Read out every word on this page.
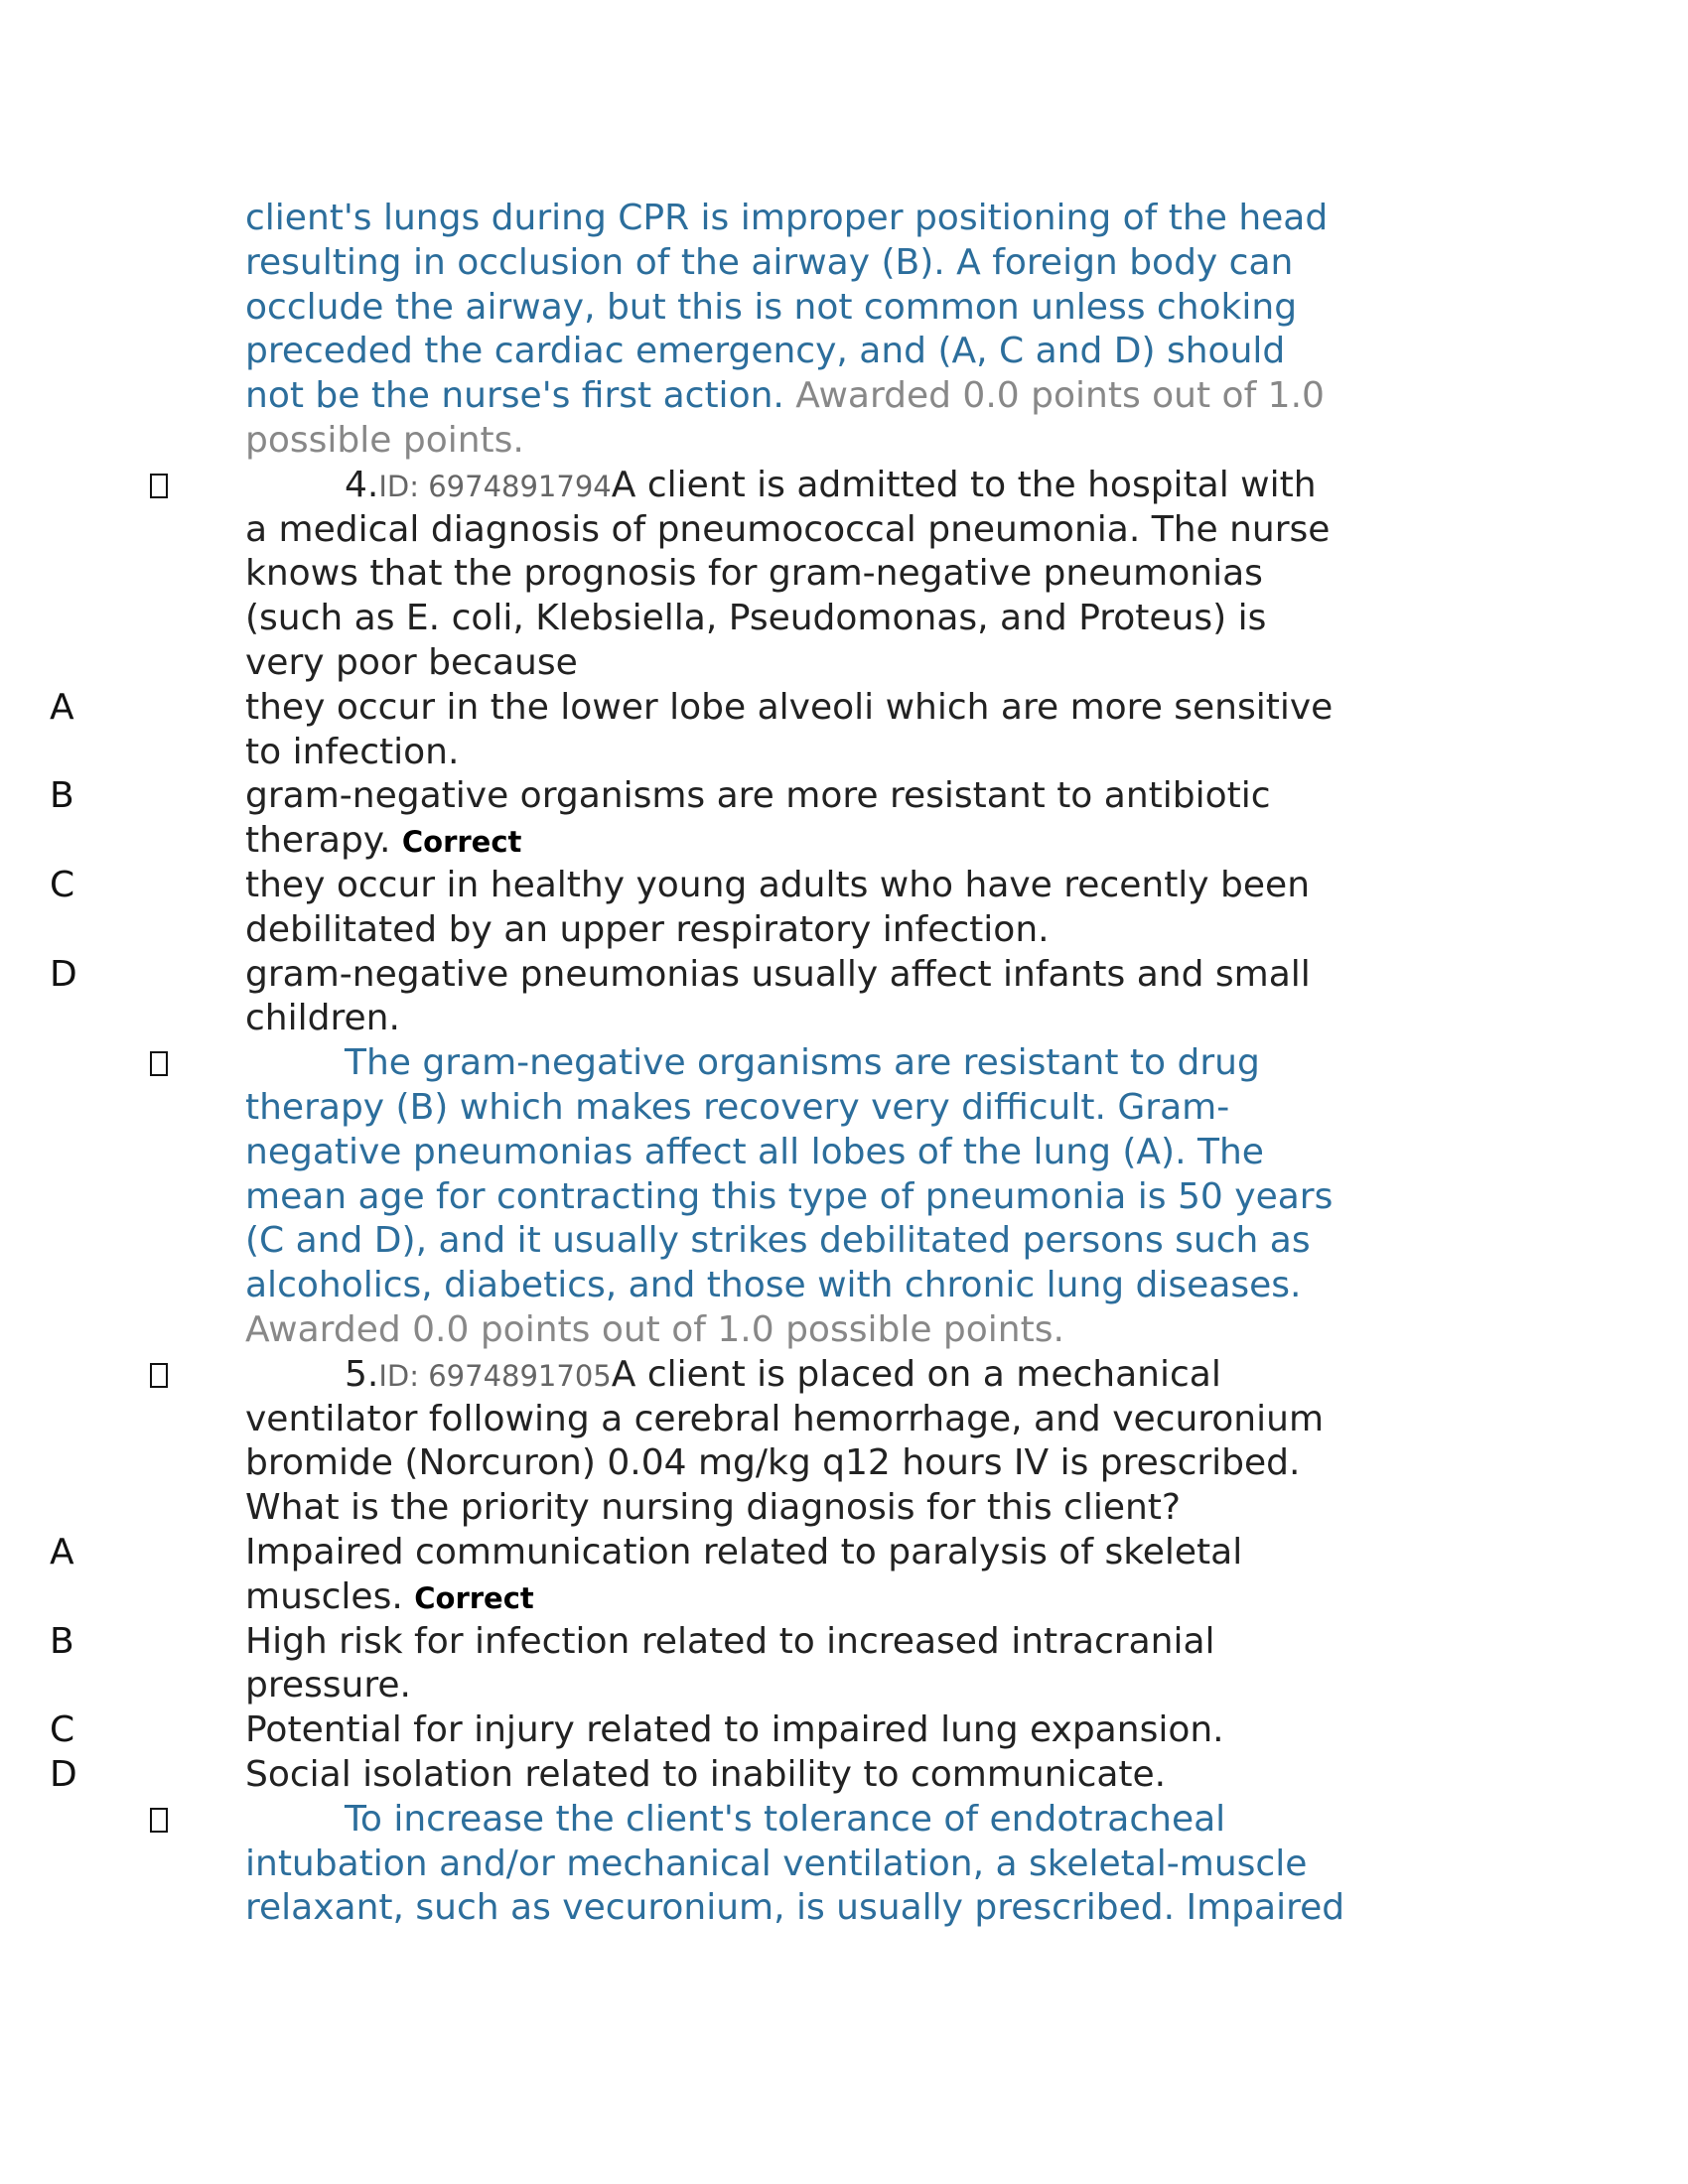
client's lungs during CPR is improper positioning of the head
resulting in occlusion of the airway (B). A foreign body can
occlude the airway, but this is not common unless choking
preceded the cardiac emergency, and (A, C and D) should
not be the nurse's first action. Awarded 0.0 points out of 1.0
possible points.
4.ID: 6974891794A client is admitted to the hospital with
a medical diagnosis of pneumococcal pneumonia. The nurse
knows that the prognosis for gram-negative pneumonias
(such as E. coli, Klebsiella, Pseudomonas, and Proteus) is
very poor because
A	they occur in the lower lobe alveoli which are more sensitive
to infection.
B	gram-negative organisms are more resistant to antibiotic
therapy. Correct
C	they occur in healthy young adults who have recently been
debilitated by an upper respiratory infection.
D	gram-negative pneumonias usually affect infants and small
children.
The gram-negative organisms are resistant to drug
therapy (B) which makes recovery very difficult. Gram-
negative pneumonias affect all lobes of the lung (A). The
mean age for contracting this type of pneumonia is 50 years
(C and D), and it usually strikes debilitated persons such as
alcoholics, diabetics, and those with chronic lung diseases.
Awarded 0.0 points out of 1.0 possible points.
5.ID: 6974891705A client is placed on a mechanical
ventilator following a cerebral hemorrhage, and vecuronium
bromide (Norcuron) 0.04 mg/kg q12 hours IV is prescribed.
What is the priority nursing diagnosis for this client?
A	Impaired communication related to paralysis of skeletal
muscles. Correct
B	High risk for infection related to increased intracranial
pressure.
C	Potential for injury related to impaired lung expansion.
D	Social isolation related to inability to communicate.
To increase the client's tolerance of endotracheal
intubation and/or mechanical ventilation, a skeletal-muscle
relaxant, such as vecuronium, is usually prescribed. Impaired
